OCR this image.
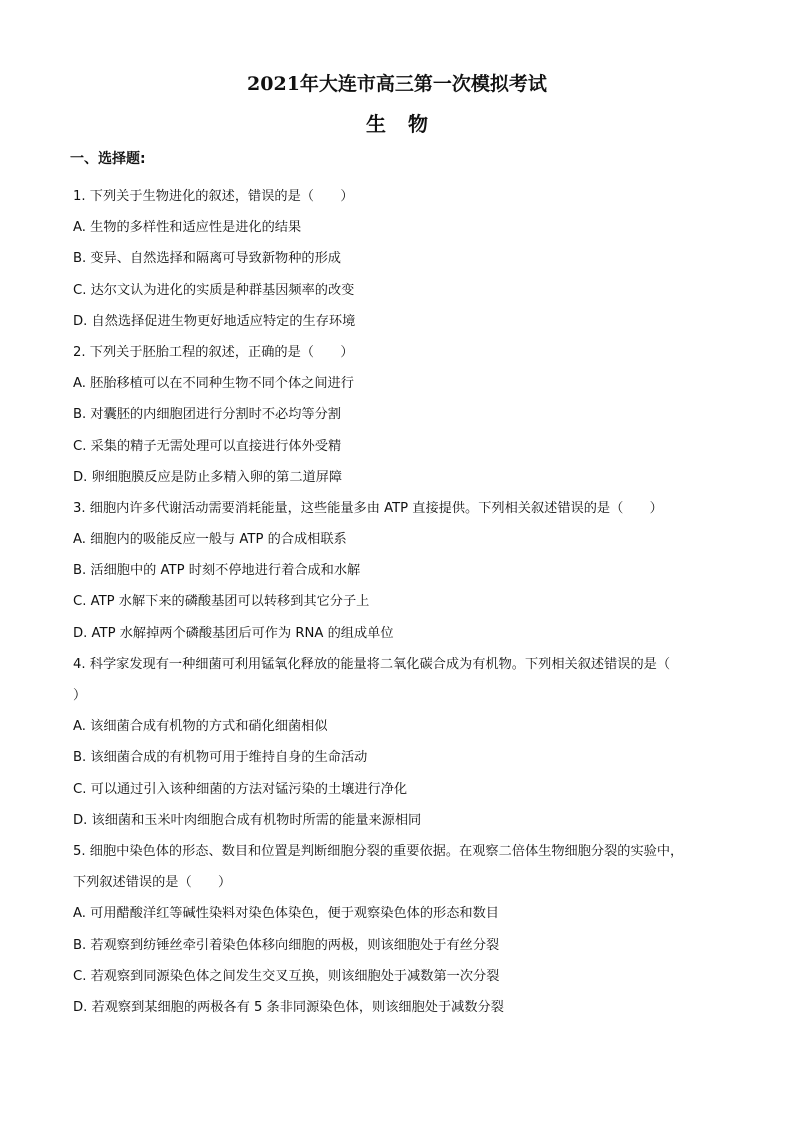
2021年大连市高三第一次模拟考试
生物
一、选择题:
1. 下列关于生物进化的叙述，错误的是（　　）
A. 生物的多样性和适应性是进化的结果
B. 变异、自然选择和隔离可导致新物种的形成
C. 达尔文认为进化的实质是种群基因频率的改变
D. 自然选择促进生物更好地适应特定的生存环境
2. 下列关于胚胎工程的叙述，正确的是（　　）
A. 胚胎移植可以在不同种生物不同个体之间进行
B. 对囊胚的内细胞团进行分割时不必均等分割
C. 采集的精子无需处理可以直接进行体外受精
D. 卵细胞膜反应是防止多精入卵的第二道屏障
3. 细胞内许多代谢活动需要消耗能量，这些能量多由 ATP 直接提供。下列相关叙述错误的是（　　）
A. 细胞内的吸能反应一般与 ATP 的合成相联系
B. 活细胞中的 ATP 时刻不停地进行着合成和水解
C. ATP 水解下来的磷酸基团可以转移到其它分子上
D. ATP 水解掉两个磷酸基团后可作为 RNA 的组成单位
4. 科学家发现有一种细菌可利用锰氧化释放的能量将二氧化碳合成为有机物。下列相关叙述错误的是（
）
A. 该细菌合成有机物的方式和硝化细菌相似
B. 该细菌合成的有机物可用于维持自身的生命活动
C. 可以通过引入该种细菌的方法对锰污染的土壤进行净化
D. 该细菌和玉米叶肉细胞合成有机物时所需的能量来源相同
5. 细胞中染色体的形态、数目和位置是判断细胞分裂的重要依据。在观察二倍体生物细胞分裂的实验中，
下列叙述错误的是（　　）
A. 可用醋酸洋红等碱性染料对染色体染色，便于观察染色体的形态和数目
B. 若观察到纺锤丝牵引着染色体移向细胞的两极，则该细胞处于有丝分裂
C. 若观察到同源染色体之间发生交叉互换，则该细胞处于减数第一次分裂
D. 若观察到某细胞的两极各有 5 条非同源染色体，则该细胞处于减数分裂
